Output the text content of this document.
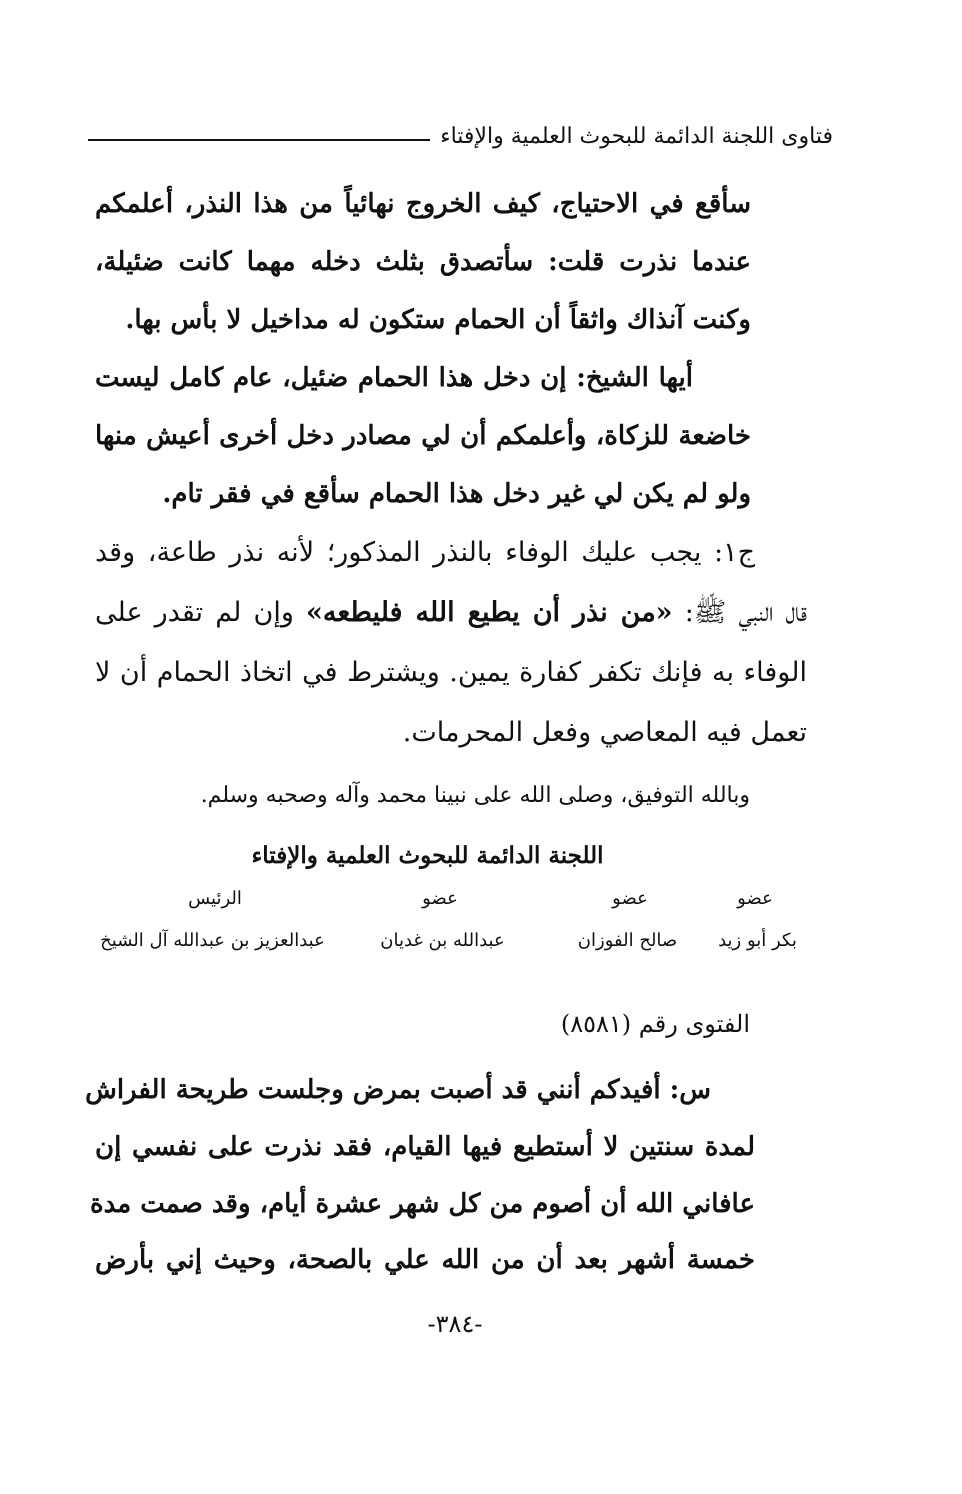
فتاوى اللجنة الدائمة للبحوث العلمية والإفتاء
سأقع في الاحتياج، كيف الخروج نهائياً من هذا النذر، أعلمكم
عندما نذرت قلت: سأتصدق بثلث دخله مهما كانت ضئيلة،
وكنت آنذاك واثقاً أن الحمام ستكون له مداخيل لا بأس بها.
أيها الشيخ: إن دخل هذا الحمام ضئيل، عام كامل ليست
خاضعة للزكاة، وأعلمكم أن لي مصادر دخل أخرى أعيش منها
ولو لم يكن لي غير دخل هذا الحمام سأقع في فقر تام.
ج١: يجب عليك الوفاء بالنذر المذكور؛ لأنه نذر طاعة، وقد
قال النبي ﷺ: «من نذر أن يطيع الله فليطعه» وإن لم تقدر على
الوفاء به فإنك تكفر كفارة يمين. ويشترط في اتخاذ الحمام أن لا
تعمل فيه المعاصي وفعل المحرمات.
وبالله التوفيق، وصلى الله على نبينا محمد وآله وصحبه وسلم.
اللجنة الدائمة للبحوث العلمية والإفتاء
عضو
عضو
عضو
الرئيس
بكر أبو زيد
صالح الفوزان
عبدالله بن غديان
عبدالعزيز بن عبدالله آل الشيخ
الفتوى رقم (٨٥٨١)
س: أفيدكم أنني قد أصبت بمرض وجلست طريحة الفراش
لمدة سنتين لا أستطيع فيها القيام، فقد نذرت على نفسي إن
عافاني الله أن أصوم من كل شهر عشرة أيام، وقد صمت مدة
خمسة أشهر بعد أن من الله علي بالصحة، وحيث إني بأرض
-٣٨٤-
